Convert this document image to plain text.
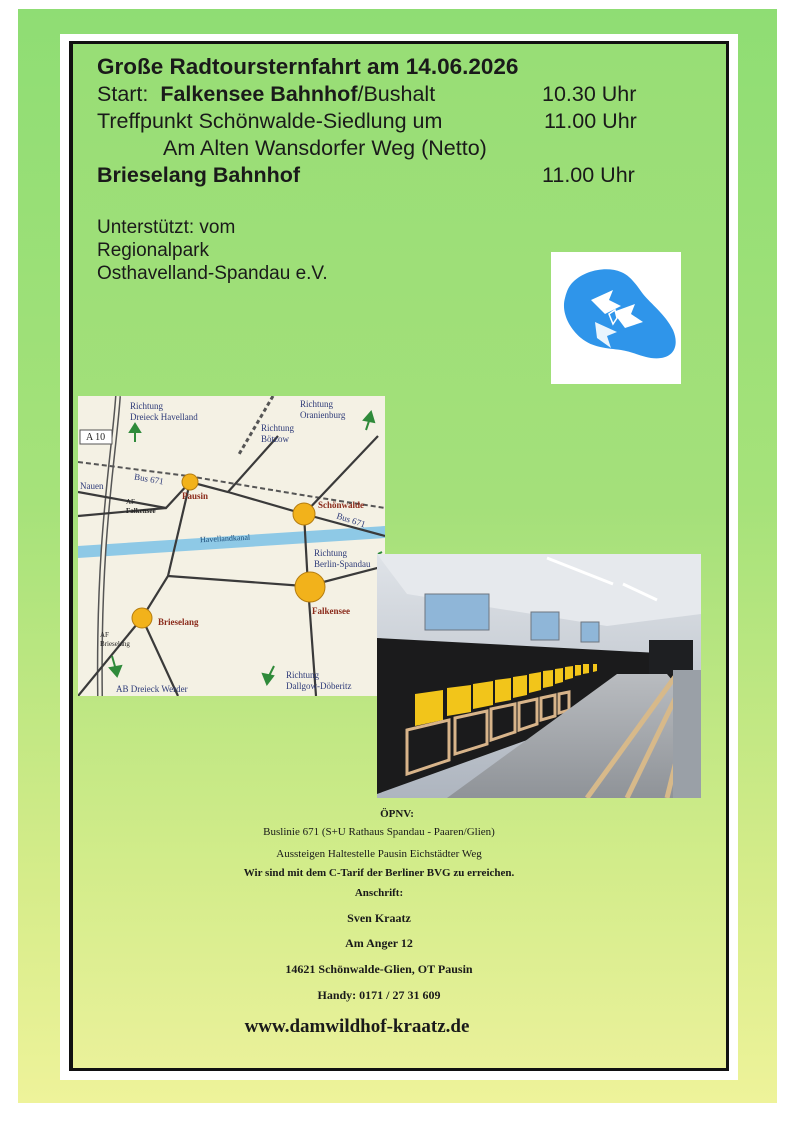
Große Radtoursternfahrt am 14.06.2026
Start: Falkensee Bahnhof/Bushalt	10.30 Uhr
Treffpunkt Schönwalde-Siedlung um	11.00 Uhr
Am Alten Wansdorfer Weg (Netto)
Brieselang Bahnhof	11.00 Uhr
Unterstützt: vom
Regionalpark
Osthavelland-Spandau e.V.
A 10
Richtung
Dreieck Havelland
Richtung
Bötzow
Richtung
Oranienburg
Nauen	Bus 671
Pausin
Schönwalde
Bus 671
AF
Falkensee
Havellandkanal
Richtung
Berlin-Spandau
Falkensee
Brieselang
AF
Brieselang
AB Dreieck Werder
Richtung
Dallgow-Döberitz
ÖPNV:
Buslinie 671 (S+U Rathaus Spandau - Paaren/Glien)
Aussteigen Haltestelle Pausin Eichstädter Weg
Wir sind mit dem C-Tarif der Berliner BVG zu erreichen.
Anschrift:
Sven Kraatz
Am Anger 12
14621 Schönwalde-Glien, OT Pausin
Handy: 0171 / 27 31 609
www.damwildhof-kraatz.de
